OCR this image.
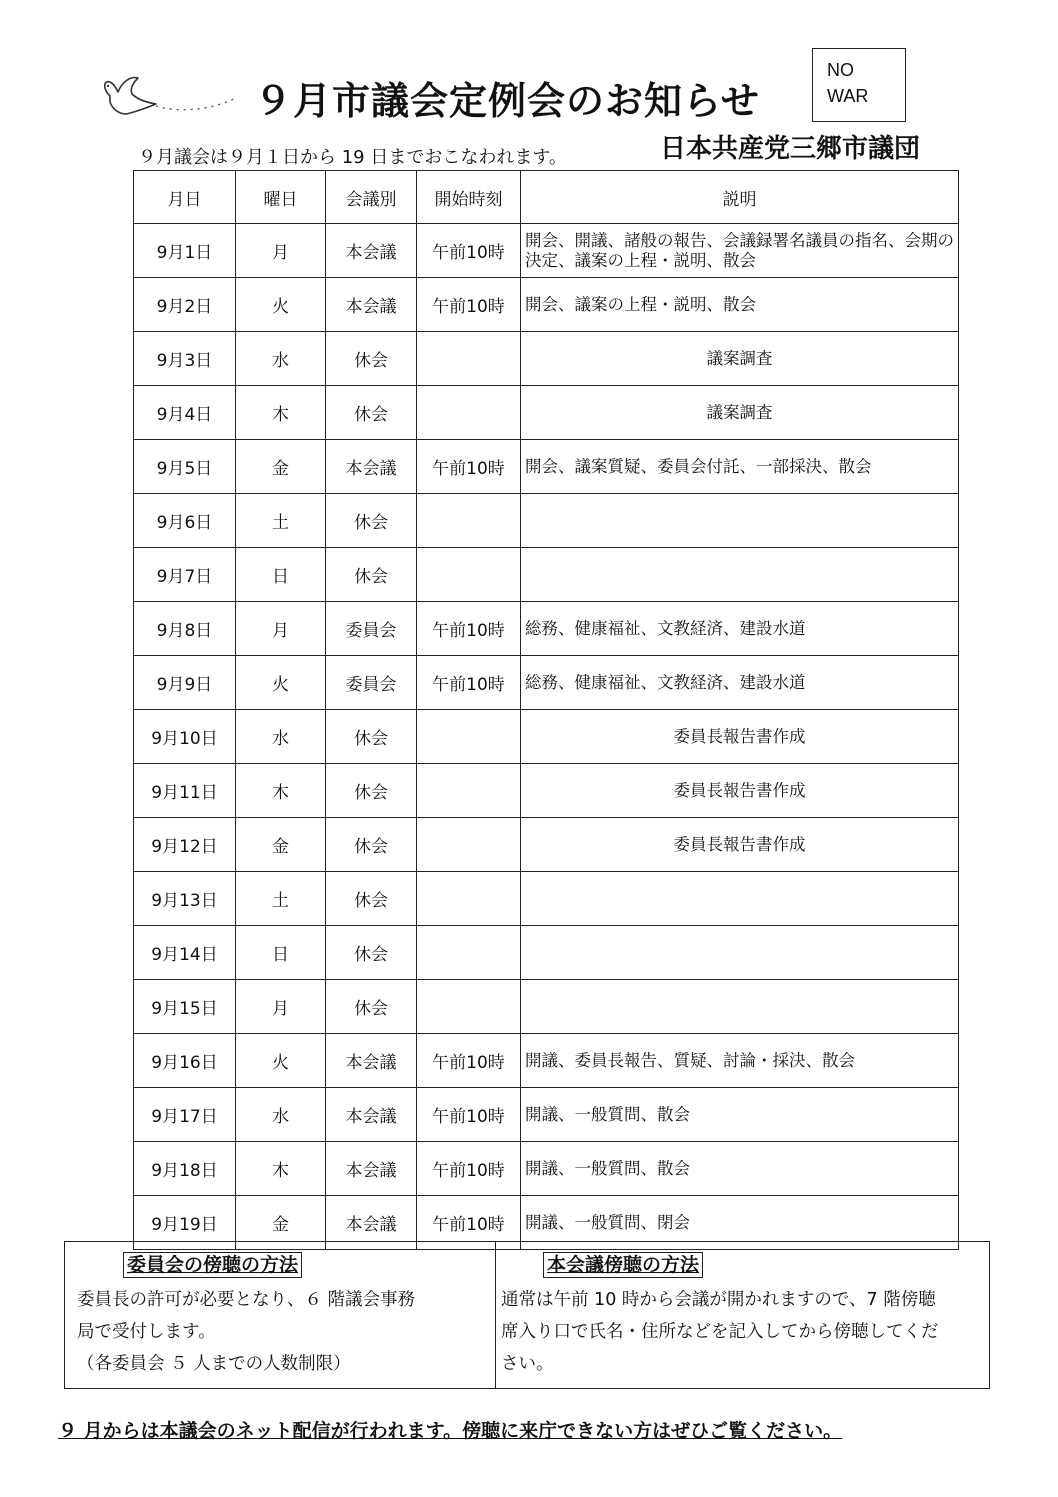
９月市議会定例会のお知らせ
NO
WAR
９月議会は９月１日から 19 日までおこなわれます。	日本共産党三郷市議団
月日	曜日	会議別	開始時刻	説明
9月1日	月	本会議	午前10時	開会、開議、諸般の報告、会議録署名議員の指名、会期の決定、議案の上程・説明、散会
9月2日	火	本会議	午前10時	開会、議案の上程・説明、散会
9月3日	水	休会		議案調査
9月4日	木	休会		議案調査
9月5日	金	本会議	午前10時	開会、議案質疑、委員会付託、一部採決、散会
9月6日	土	休会		
9月7日	日	休会		
9月8日	月	委員会	午前10時	総務、健康福祉、文教経済、建設水道
9月9日	火	委員会	午前10時	総務、健康福祉、文教経済、建設水道
9月10日	水	休会		委員長報告書作成
9月11日	木	休会		委員長報告書作成
9月12日	金	休会		委員長報告書作成
9月13日	土	休会		
9月14日	日	休会		
9月15日	月	休会		
9月16日	火	本会議	午前10時	開議、委員長報告、質疑、討論・採決、散会
9月17日	水	本会議	午前10時	開議、一般質問、散会
9月18日	木	本会議	午前10時	開議、一般質問、散会
9月19日	金	本会議	午前10時	開議、一般質問、閉会
委員会の傍聴の方法

委員長の許可が必要となり、６ 階議会事務
局で受付します。
（各委員会 ５ 人までの人数制限）

本会議傍聴の方法

通常は午前 10 時から会議が開かれますので、7 階傍聴
席入り口で氏名・住所などを記入してから傍聴してくだ
さい。

９ 月からは本議会のネット配信が行われます。傍聴に来庁できない方はぜひご覧ください。
